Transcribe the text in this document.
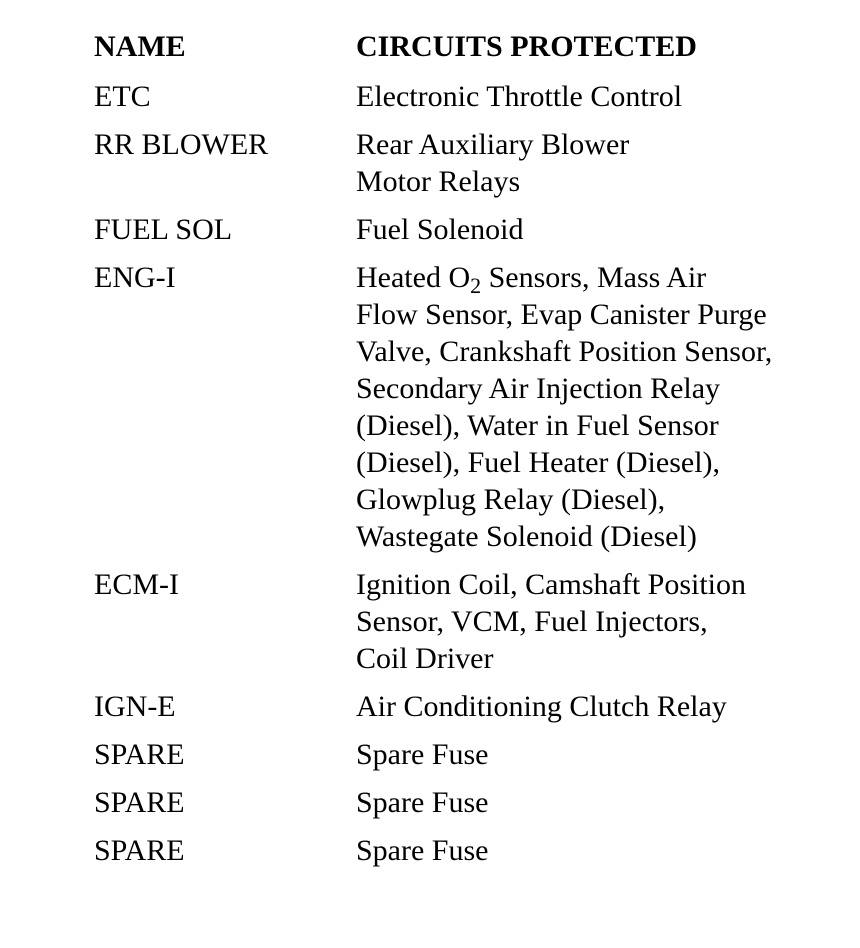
NAME	CIRCUITS PROTECTED
ETC	Electronic Throttle Control
RR BLOWER	Rear Auxiliary Blower
Motor Relays
FUEL SOL	Fuel Solenoid
ENG-I	Heated $O_2$ Sensors, Mass Air
Flow Sensor, Evap Canister Purge
Valve, Crankshaft Position Sensor,
Secondary Air Injection Relay
(Diesel), Water in Fuel Sensor
(Diesel), Fuel Heater (Diesel),
Glowplug Relay (Diesel),
Wastegate Solenoid (Diesel)
ECM-I	Ignition Coil, Camshaft Position
Sensor, VCM, Fuel Injectors,
Coil Driver
IGN-E	Air Conditioning Clutch Relay
SPARE	Spare Fuse
SPARE	Spare Fuse
SPARE	Spare Fuse
